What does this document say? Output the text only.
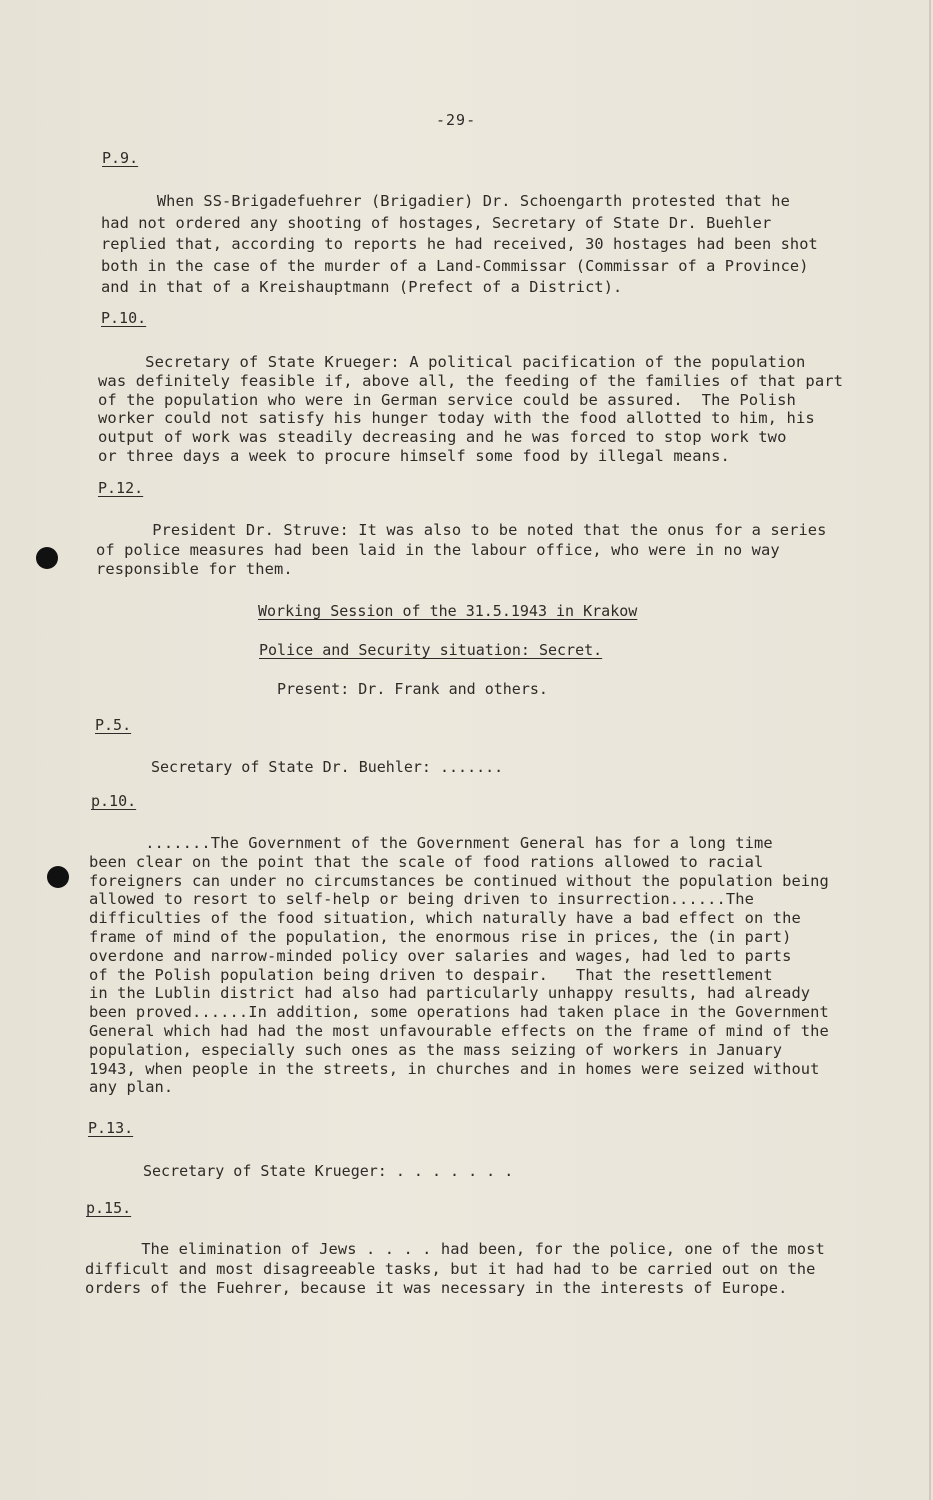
-29-
P.9.
When SS-Brigadefuehrer (Brigadier) Dr. Schoengarth protested that he
had not ordered any shooting of hostages, Secretary of State Dr. Buehler
replied that, according to reports he had received, 30 hostages had been shot
both in the case of the murder of a Land-Commissar (Commissar of a Province)
and in that of a Kreishauptmann (Prefect of a District).
P.10.
Secretary of State Krueger: A political pacification of the population
was definitely feasible if, above all, the feeding of the families of that part
of the population who were in German service could be assured.  The Polish
worker could not satisfy his hunger today with the food allotted to him, his
output of work was steadily decreasing and he was forced to stop work two
or three days a week to procure himself some food by illegal means.
P.12.
President Dr. Struve: It was also to be noted that the onus for a series
of police measures had been laid in the labour office, who were in no way
responsible for them.
Working Session of the 31.5.1943 in Krakow
Police and Security situation: Secret.
Present: Dr. Frank and others.
P.5.
Secretary of State Dr. Buehler: .......
p.10.
.......The Government of the Government General has for a long time
been clear on the point that the scale of food rations allowed to racial
foreigners can under no circumstances be continued without the population being
allowed to resort to self-help or being driven to insurrection......The
difficulties of the food situation, which naturally have a bad effect on the
frame of mind of the population, the enormous rise in prices, the (in part)
overdone and narrow-minded policy over salaries and wages, had led to parts
of the Polish population being driven to despair.   That the resettlement
in the Lublin district had also had particularly unhappy results, had already
been proved......In addition, some operations had taken place in the Government
General which had had the most unfavourable effects on the frame of mind of the
population, especially such ones as the mass seizing of workers in January
1943, when people in the streets, in churches and in homes were seized without
any plan.
P.13.
Secretary of State Krueger: . . . . . . .
p.15.
The elimination of Jews . . . . had been, for the police, one of the most
difficult and most disagreeable tasks, but it had had to be carried out on the
orders of the Fuehrer, because it was necessary in the interests of Europe.
